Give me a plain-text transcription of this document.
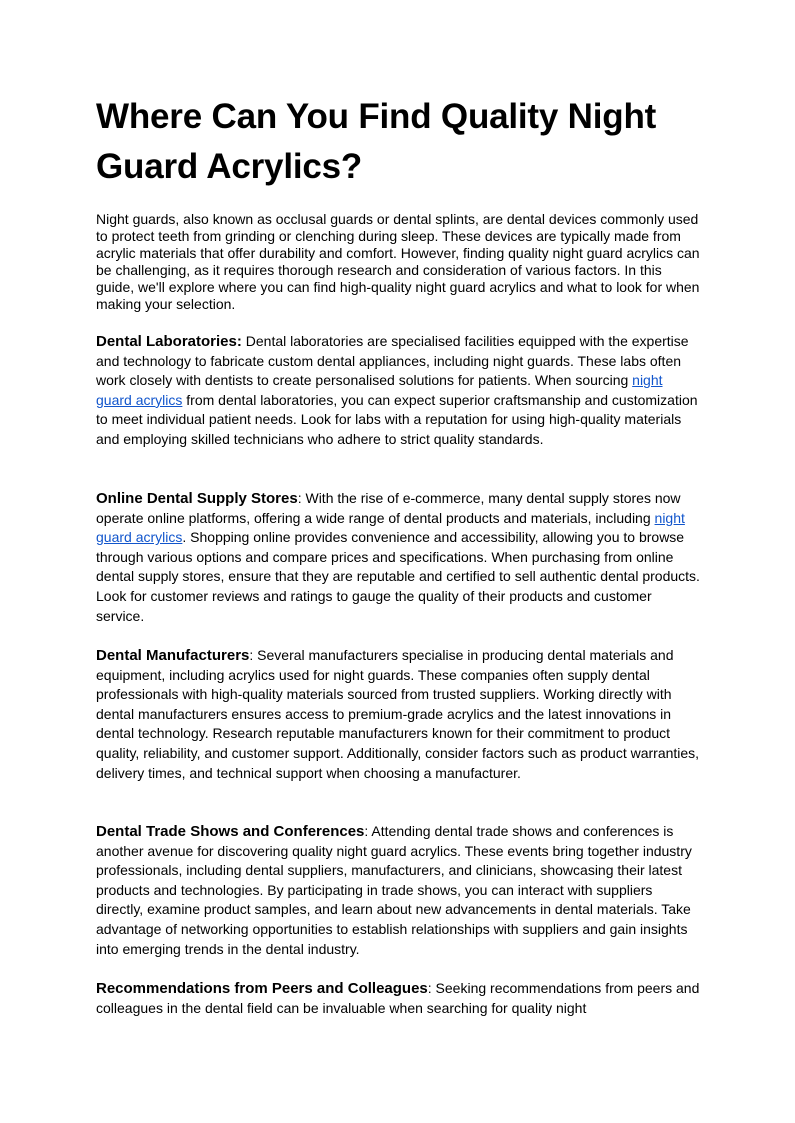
Where Can You Find Quality Night Guard Acrylics?

Night guards, also known as occlusal guards or dental splints, are dental devices commonly used to protect teeth from grinding or clenching during sleep. These devices are typically made from acrylic materials that offer durability and comfort. However, finding quality night guard acrylics can be challenging, as it requires thorough research and consideration of various factors. In this guide, we'll explore where you can find high-quality night guard acrylics and what to look for when making your selection.

Dental Laboratories: Dental laboratories are specialised facilities equipped with the expertise and technology to fabricate custom dental appliances, including night guards. These labs often work closely with dentists to create personalised solutions for patients. When sourcing night guard acrylics from dental laboratories, you can expect superior craftsmanship and customization to meet individual patient needs. Look for labs with a reputation for using high-quality materials and employing skilled technicians who adhere to strict quality standards.

Online Dental Supply Stores: With the rise of e-commerce, many dental supply stores now operate online platforms, offering a wide range of dental products and materials, including night guard acrylics. Shopping online provides convenience and accessibility, allowing you to browse through various options and compare prices and specifications. When purchasing from online dental supply stores, ensure that they are reputable and certified to sell authentic dental products. Look for customer reviews and ratings to gauge the quality of their products and customer service.

Dental Manufacturers: Several manufacturers specialise in producing dental materials and equipment, including acrylics used for night guards. These companies often supply dental professionals with high-quality materials sourced from trusted suppliers. Working directly with dental manufacturers ensures access to premium-grade acrylics and the latest innovations in dental technology. Research reputable manufacturers known for their commitment to product quality, reliability, and customer support. Additionally, consider factors such as product warranties, delivery times, and technical support when choosing a manufacturer.

Dental Trade Shows and Conferences: Attending dental trade shows and conferences is another avenue for discovering quality night guard acrylics. These events bring together industry professionals, including dental suppliers, manufacturers, and clinicians, showcasing their latest products and technologies. By participating in trade shows, you can interact with suppliers directly, examine product samples, and learn about new advancements in dental materials. Take advantage of networking opportunities to establish relationships with suppliers and gain insights into emerging trends in the dental industry.

Recommendations from Peers and Colleagues: Seeking recommendations from peers and colleagues in the dental field can be invaluable when searching for quality night
